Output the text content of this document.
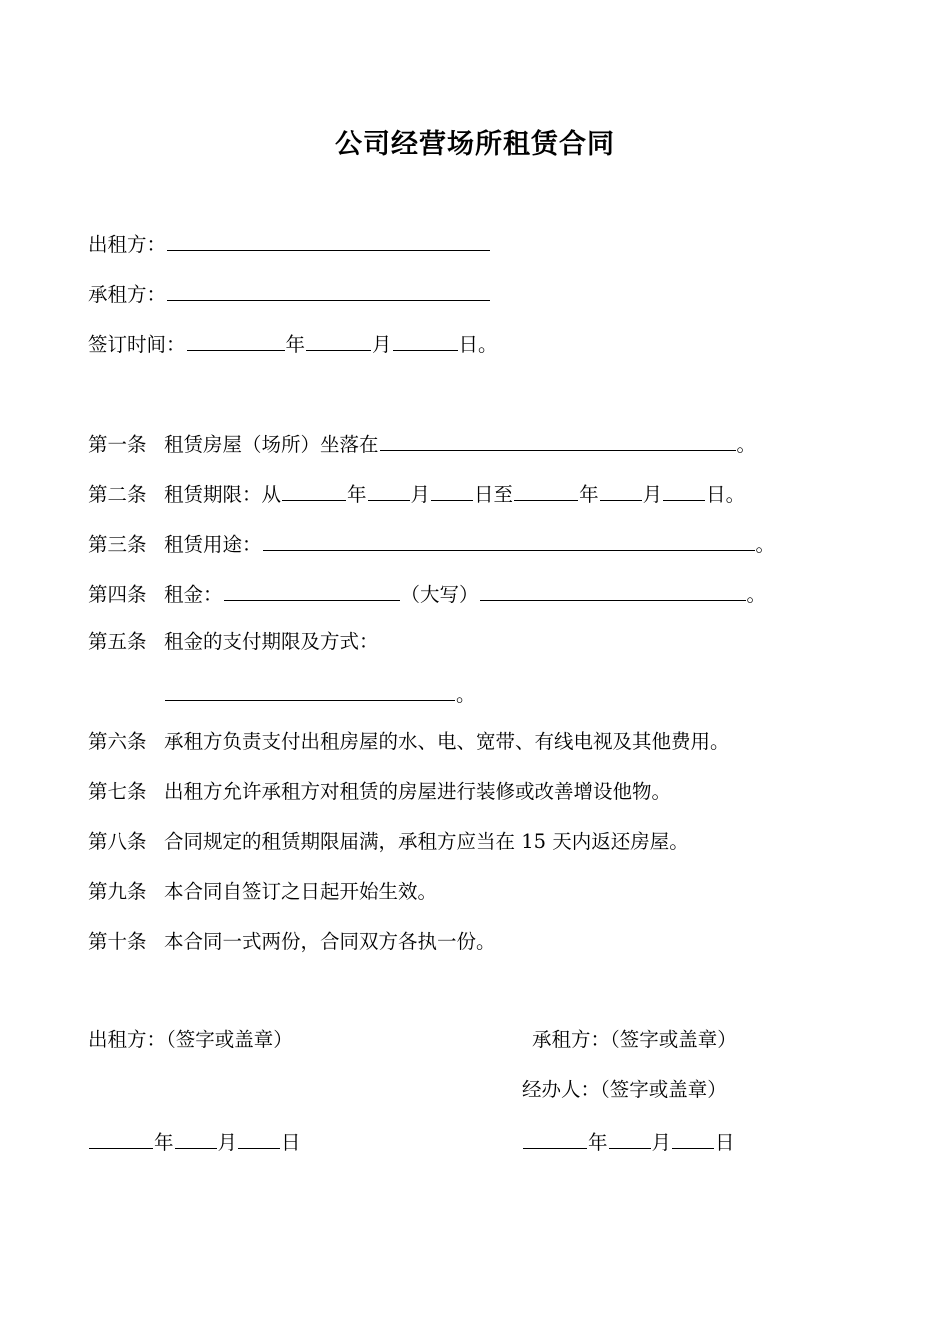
公司经营场所租赁合同
出租方：
承租方：
签订时间：	年	月	日。
第一条 租赁房屋（场所）坐落在	。
第二条 租赁期限：从	年 月 日至	年 月 日。
第三条 租赁用途：	。
第四条 租金：	（大写）	。
第五条 租金的支付期限及方式：
。
第六条 承租方负责支付出租房屋的水、电、宽带、有线电视及其他费用。
第七条 出租方允许承租方对租赁的房屋进行装修或改善增设他物。
第八条 合同规定的租赁期限届满，承租方应当在 15 天内返还房屋。
第九条 本合同自签订之日起开始生效。
第十条 本合同一式两份，合同双方各执一份。
出租方：（签字或盖章）	承租方：（签字或盖章）
经办人：（签字或盖章）
年 月 日	年 月 日
